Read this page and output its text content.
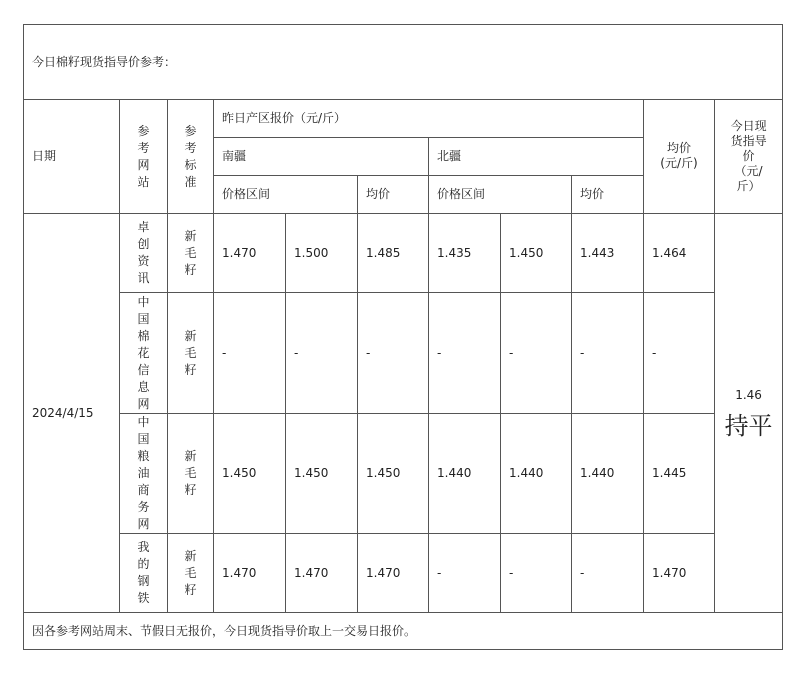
今日棉籽现货指导价参考：										
日期	参考网站	参考标准	昨日产区报价（元/斤）						均价(元/斤)	今日现货指导价（元/斤）
			南疆			北疆				
			价格区间		均价	价格区间		均价		
2024/4/15	卓创资讯	新毛籽	1.470	1.500	1.485	1.435	1.450	1.443	1.464	1.46
持平

	中国棉花信息网	新毛籽	-	-	-	-	-	-	-	
	中国粮油商务网	新毛籽	1.450	1.450	1.450	1.440	1.440	1.440	1.445	
	我的钢铁	新毛籽	1.470	1.470	1.470	-	-	-	1.470	
因各参考网站周末、节假日无报价，今日现货指导价取上一交易日报价。										
